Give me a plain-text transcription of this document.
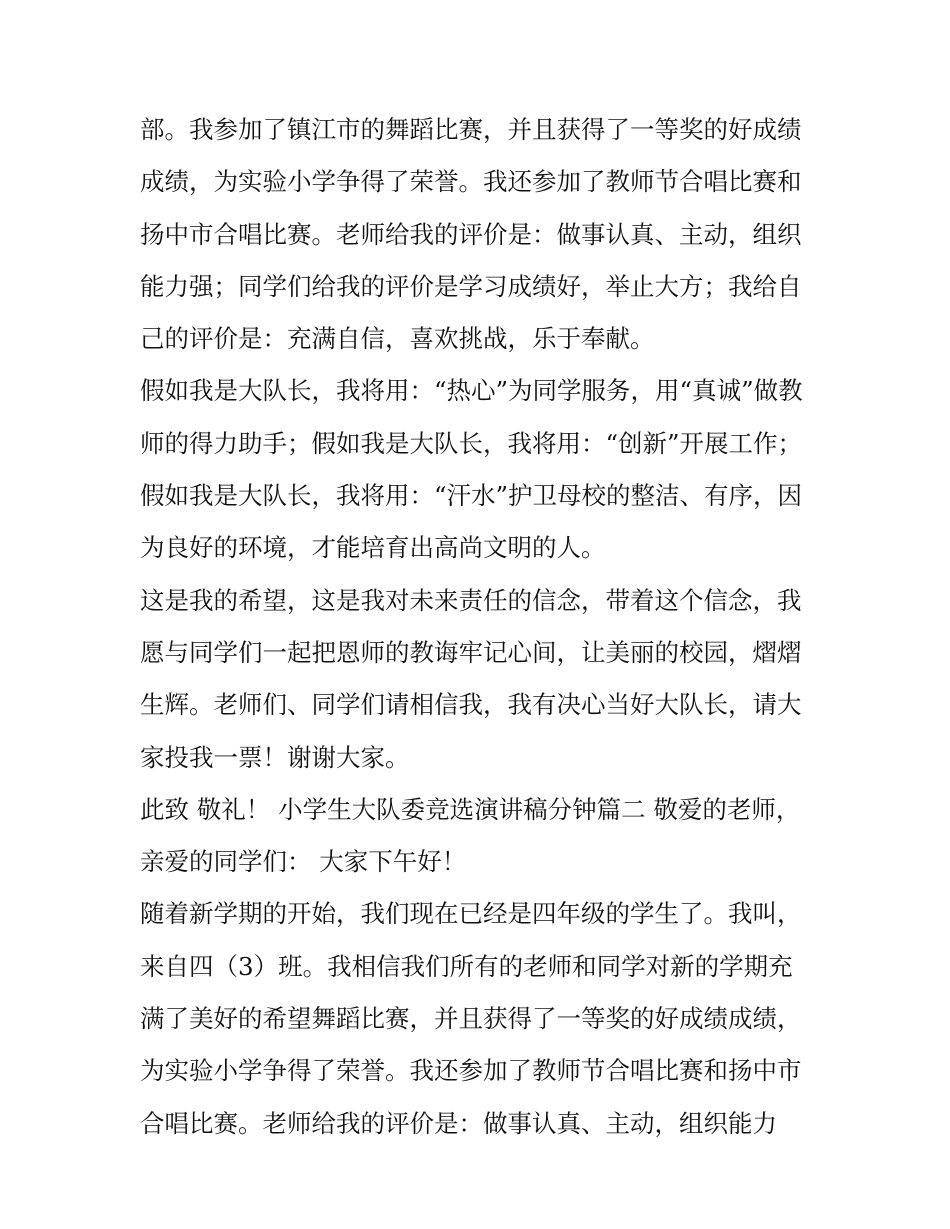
部。我参加了镇江市的舞蹈比赛，并且获得了一等奖的好成绩
成绩，为实验小学争得了荣誉。我还参加了教师节合唱比赛和
扬中市合唱比赛。老师给我的评价是：做事认真、主动，组织
能力强；同学们给我的评价是学习成绩好，举止大方；我给自
己的评价是：充满自信，喜欢挑战，乐于奉献。
假如我是大队长，我将用：“热心”为同学服务，用“真诚”做教
师的得力助手；假如我是大队长，我将用：“创新”开展工作；
假如我是大队长，我将用：“汗水”护卫母校的整洁、有序，因
为良好的环境，才能培育出高尚文明的人。
这是我的希望，这是我对未来责任的信念，带着这个信念，我
愿与同学们一起把恩师的教诲牢记心间，让美丽的校园，熠熠
生辉。老师们、同学们请相信我，我有决心当好大队长，请大
家投我一票！谢谢大家。
此致 敬礼！ 小学生大队委竞选演讲稿分钟篇二 敬爱的老师，
亲爱的同学们： 大家下午好！
随着新学期的开始，我们现在已经是四年级的学生了。我叫，
来自四（3）班。我相信我们所有的老师和同学对新的学期充
满了美好的希望舞蹈比赛，并且获得了一等奖的好成绩成绩，
为实验小学争得了荣誉。我还参加了教师节合唱比赛和扬中市
合唱比赛。老师给我的评价是：做事认真、主动，组织能力
